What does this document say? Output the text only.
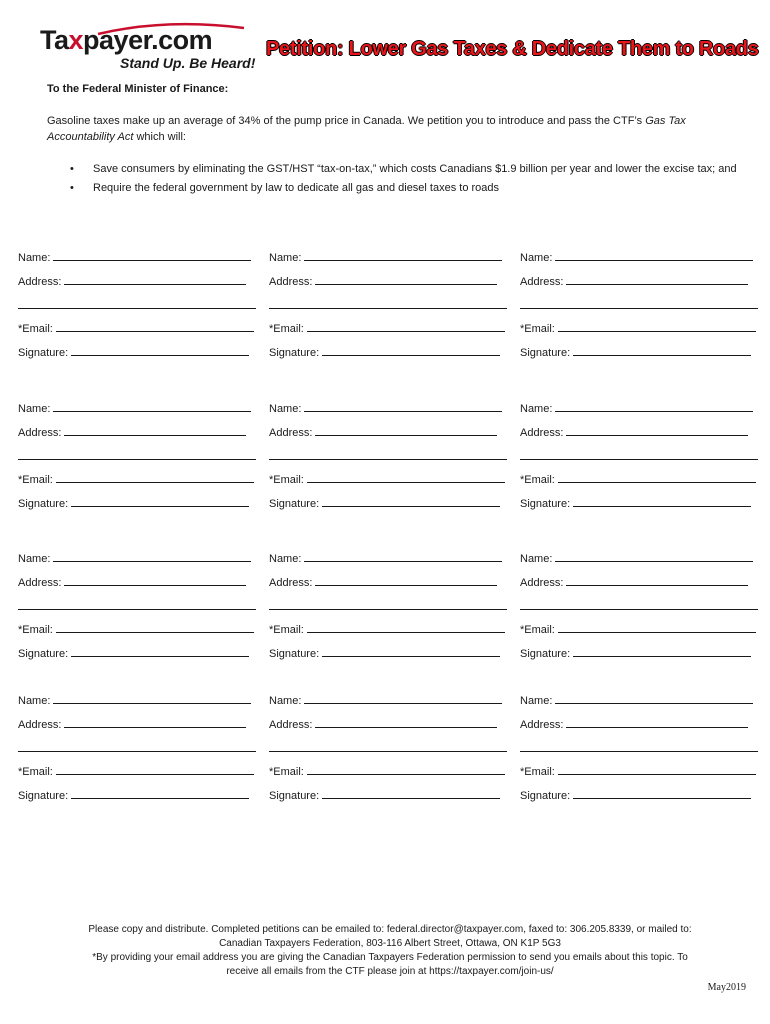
Taxpayer.com
Stand Up. Be Heard!
Petition: Lower Gas Taxes & Dedicate Them to Roads
To the Federal Minister of Finance:
Gasoline taxes make up an average of 34% of the pump price in Canada. We petition you to introduce and pass the CTF’s Gas Tax Accountability Act which will:
• Save consumers by eliminating the GST/HST “tax-on-tax,” which costs Canadians $1.9 billion per year and lower the excise tax; and
• Require the federal government by law to dedicate all gas and diesel taxes to roads
Name:
Address:
*Email:
Signature:
Name:
Address:
*Email:
Signature:
Name:
Address:
*Email:
Signature:
Name:
Address:
*Email:
Signature:
Name:
Address:
*Email:
Signature:
Name:
Address:
*Email:
Signature:
Name:
Address:
*Email:
Signature:
Name:
Address:
*Email:
Signature:
Name:
Address:
*Email:
Signature:
Name:
Address:
*Email:
Signature:
Name:
Address:
*Email:
Signature:
Name:
Address:
*Email:
Signature:
Please copy and distribute. Completed petitions can be emailed to: federal.director@taxpayer.com, faxed to: 306.205.8339, or mailed to:
Canadian Taxpayers Federation, 803-116 Albert Street, Ottawa, ON K1P 5G3
*By providing your email address you are giving the Canadian Taxpayers Federation permission to send you emails about this topic. To
receive all emails from the CTF please join at https://taxpayer.com/join-us/
May2019
